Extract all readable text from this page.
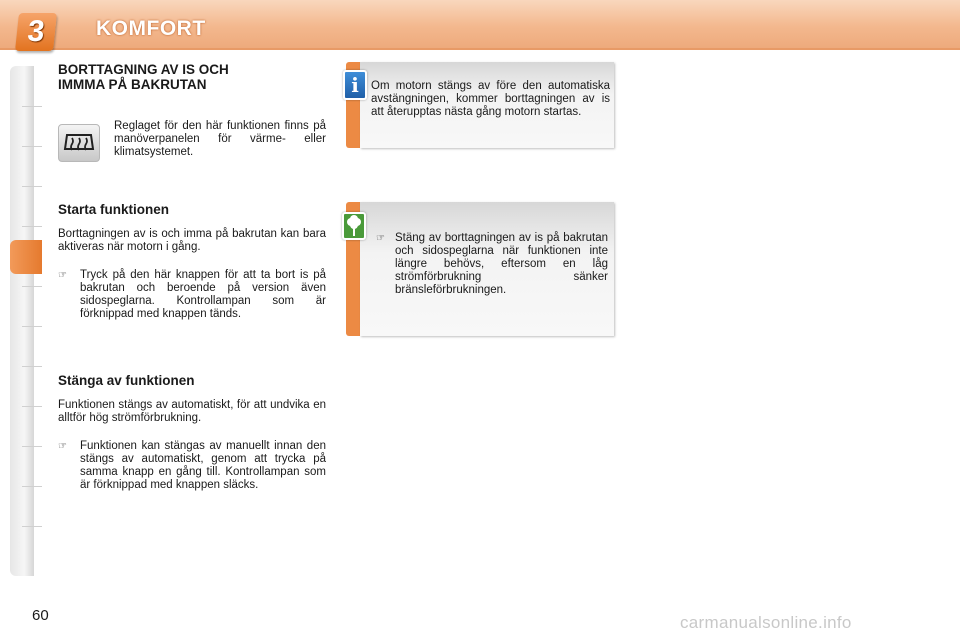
3	KOMFORT
BORTTAGNING AV IS OCH
IMMMA PÅ BAKRUTAN
Reglaget för den här funktionen finns på manöverpanelen för värme- eller klimatsystemet.
Starta funktionen
Borttagningen av is och imma på bakrutan kan bara aktiveras när motorn i gång.
☞	Tryck på den här knappen för att ta bort is på bakrutan och beroende på version även sidospeglarna. Kontrollampan som är förknippad med knappen tänds.
Stänga av funktionen
Funktionen stängs av automatiskt, för att undvika en alltför hög strömförbrukning.
☞	Funktionen kan stängas av manuellt innan den stängs av automatiskt, genom att trycka på samma knapp en gång till. Kontrollampan som är förknippad med knappen släcks.
i	Om motorn stängs av före den automatiska avstängningen, kommer borttagningen av is att återupptas nästa gång motorn startas.
☞ Stäng av borttagningen av is på bakrutan och sidospeglarna när funktionen inte längre behövs, eftersom en låg strömförbrukning sänker bränsleförbrukningen.
60	carmanualsonline.info
